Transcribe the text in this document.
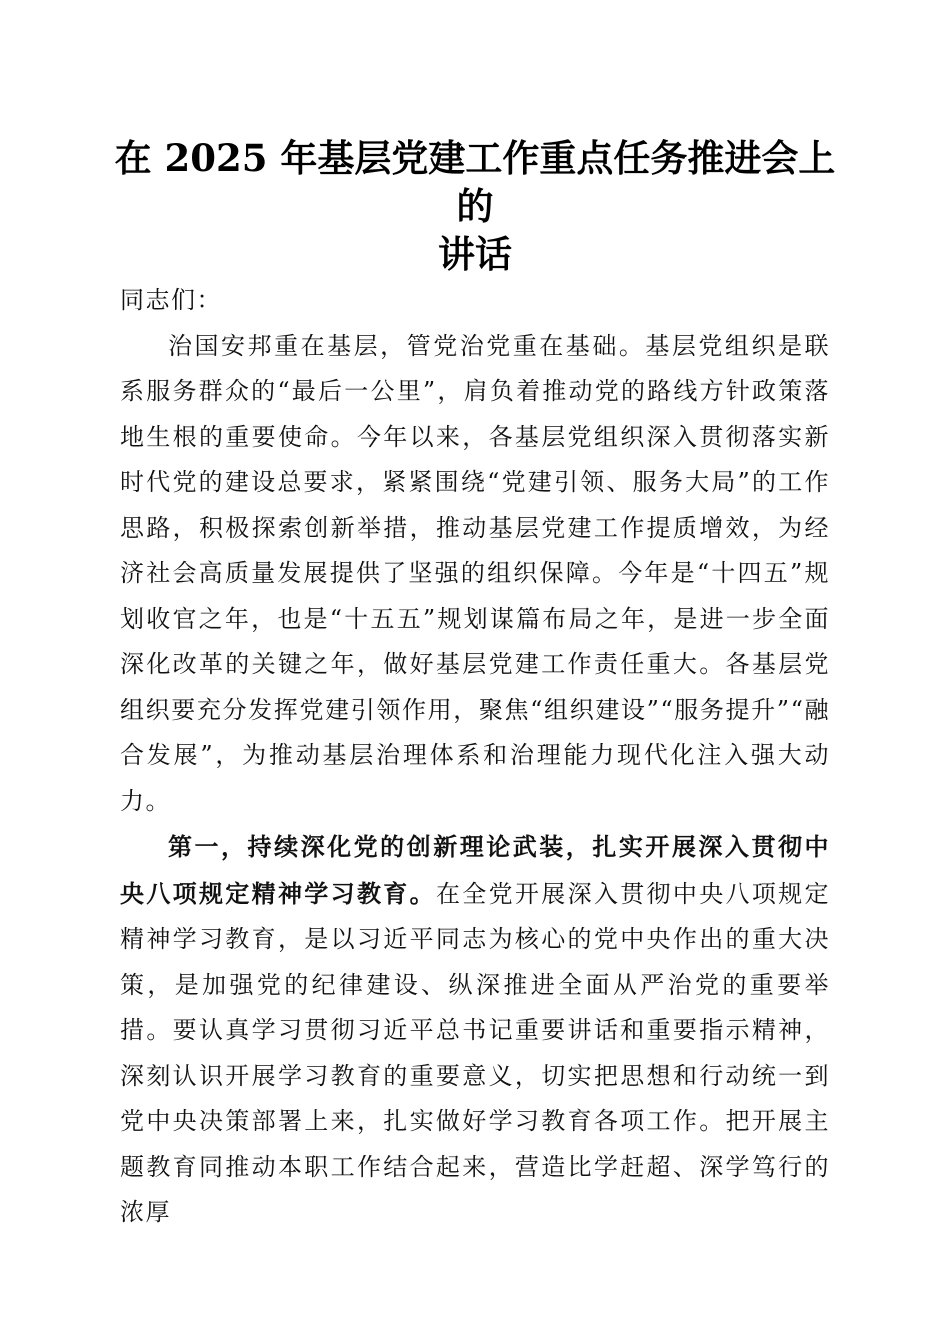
在 2025 年基层党建工作重点任务推进会上的
讲话

同志们：

治国安邦重在基层，管党治党重在基础。基层党组织是联系服务群众的“最后一公里”，肩负着推动党的路线方针政策落地生根的重要使命。今年以来，各基层党组织深入贯彻落实新时代党的建设总要求，紧紧围绕“党建引领、服务大局”的工作思路，积极探索创新举措，推动基层党建工作提质增效，为经济社会高质量发展提供了坚强的组织保障。今年是“十四五”规划收官之年，也是“十五五”规划谋篇布局之年，是进一步全面深化改革的关键之年，做好基层党建工作责任重大。各基层党组织要充分发挥党建引领作用，聚焦“组织建设”“服务提升”“融合发展”，为推动基层治理体系和治理能力现代化注入强大动力。

第一，持续深化党的创新理论武装，扎实开展深入贯彻中央八项规定精神学习教育。在全党开展深入贯彻中央八项规定精神学习教育，是以习近平同志为核心的党中央作出的重大决策，是加强党的纪律建设、纵深推进全面从严治党的重要举措。要认真学习贯彻习近平总书记重要讲话和重要指示精神，深刻认识开展学习教育的重要意义，切实把思想和行动统一到党中央决策部署上来，扎实做好学习教育各项工作。把开展主题教育同推动本职工作结合起来，营造比学赶超、深学笃行的浓厚
